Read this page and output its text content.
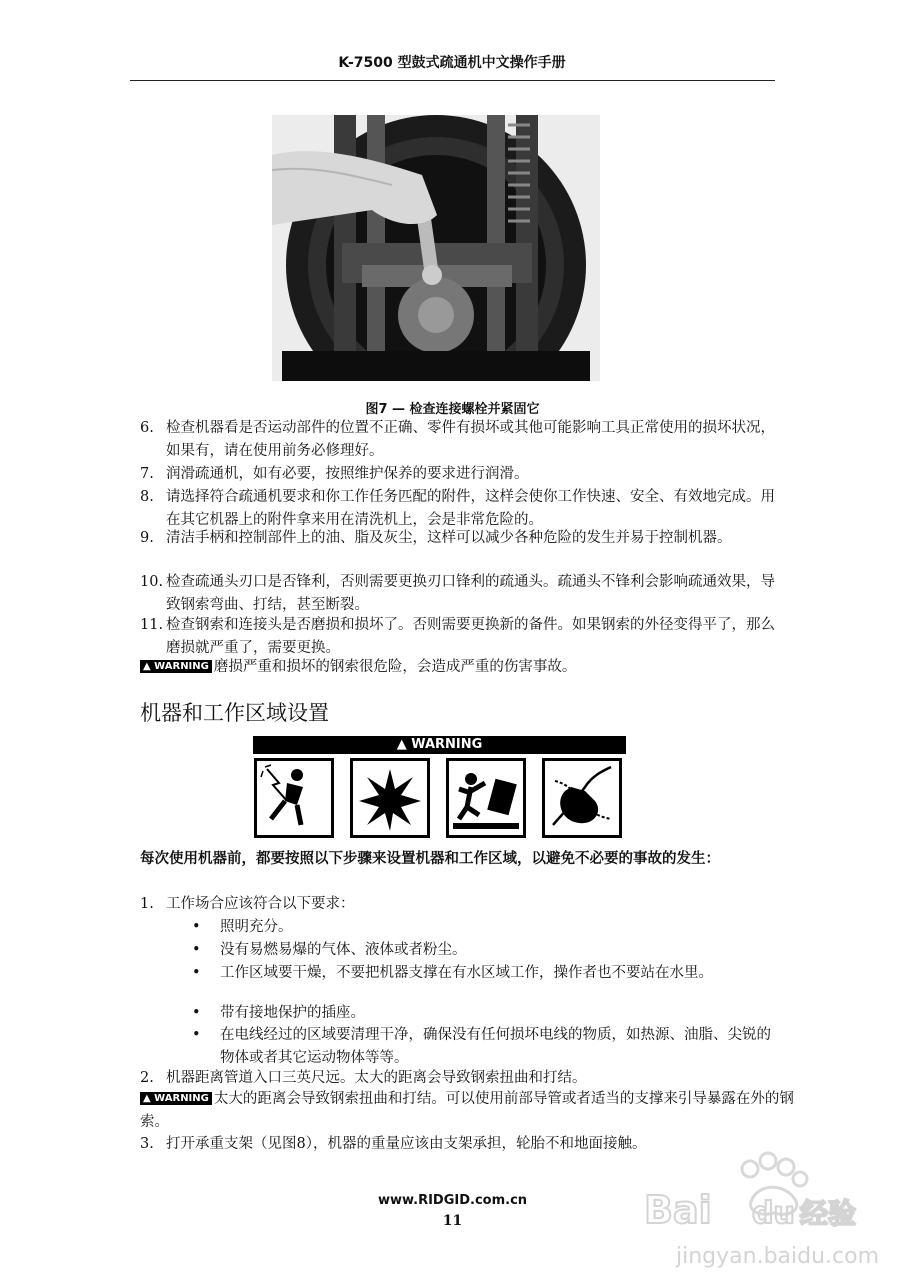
K-7500 型鼓式疏通机中文操作手册
图7 — 检查连接螺栓并紧固它
6. 检查机器看是否运动部件的位置不正确、零件有损坏或其他可能影响工具正常使用的损坏状况，如果有，请在使用前务必修理好。
7. 润滑疏通机，如有必要，按照维护保养的要求进行润滑。
8. 请选择符合疏通机要求和你工作任务匹配的附件，这样会使你工作快速、安全、有效地完成。用在其它机器上的附件拿来用在清洗机上，会是非常危险的。
9. 清洁手柄和控制部件上的油、脂及灰尘，这样可以减少各种危险的发生并易于控制机器。
10. 检查疏通头刃口是否锋利，否则需要更换刃口锋利的疏通头。疏通头不锋利会影响疏通效果，导致钢索弯曲、打结，甚至断裂。
11. 检查钢索和连接头是否磨损和损坏了。否则需要更换新的备件。如果钢索的外径变得平了，那么磨损就严重了，需要更换。
▲ WARNING 磨损严重和损坏的钢索很危险，会造成严重的伤害事故。
机器和工作区域设置
▲ WARNING
每次使用机器前，都要按照以下步骤来设置机器和工作区域，以避免不必要的事故的发生：
1. 工作场合应该符合以下要求：
•	照明充分。
•	没有易燃易爆的气体、液体或者粉尘。
•	工作区域要干燥，不要把机器支撑在有水区域工作，操作者也不要站在水里。
•	带有接地保护的插座。
•	在电线经过的区域要清理干净，确保没有任何损坏电线的物质，如热源、油脂、尖锐的物体或者其它运动物体等等。
2. 机器距离管道入口三英尺远。太大的距离会导致钢索扭曲和打结。
▲ WARNING 太大的距离会导致钢索扭曲和打结。可以使用前部导管或者适当的支撑来引导暴露在外的钢索。
3. 打开承重支架（见图8），机器的重量应该由支架承担，轮胎不和地面接触。
www.RIDGID.com.cn
11	Bai du 经验
jingyan.baidu.com
